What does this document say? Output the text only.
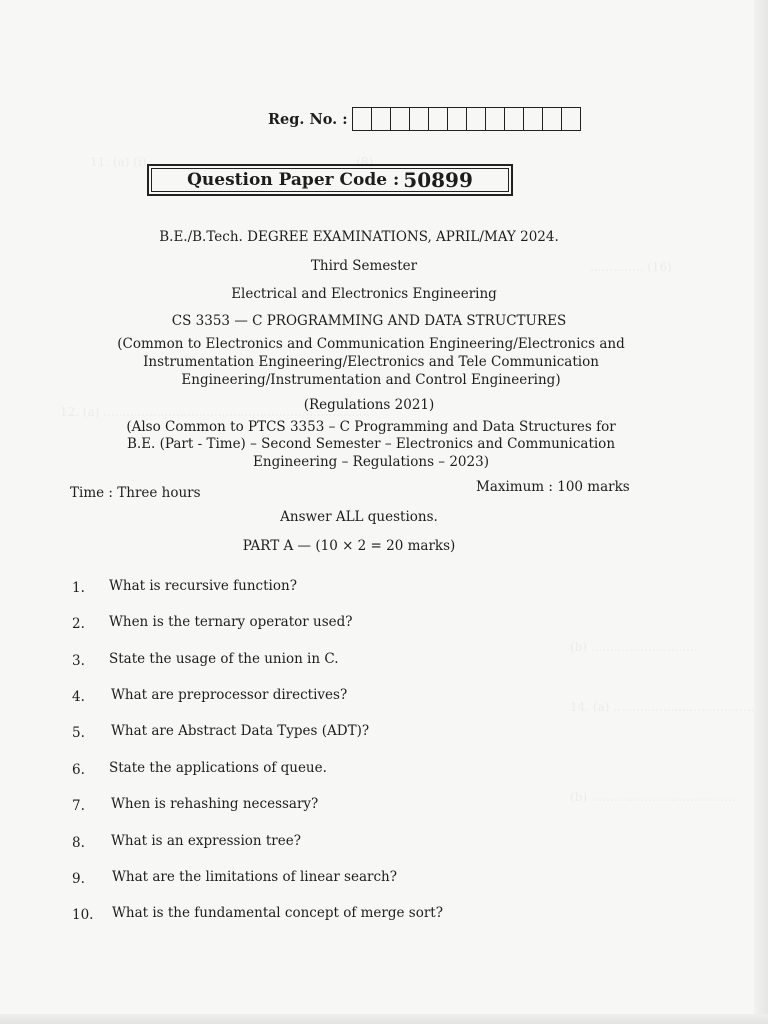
Reg. No. :
Question Paper Code : 50899
B.E./B.Tech. DEGREE EXAMINATIONS, APRIL/MAY 2024.
Third Semester
Electrical and Electronics Engineering
CS 3353 — C PROGRAMMING AND DATA STRUCTURES
(Common to Electronics and Communication Engineering/Electronics and
Instrumentation Engineering/Electronics and Tele Communication
Engineering/Instrumentation and Control Engineering)
(Regulations 2021)
(Also Common to PTCS 3353 – C Programming and Data Structures for
B.E. (Part - Time) – Second Semester – Electronics and Communication
Engineering – Regulations – 2023)
Time : Three hours	Maximum : 100 marks
Answer ALL questions.
PART A — (10 × 2 = 20 marks)
1. What is recursive function?
2. When is the ternary operator used?
3. State the usage of the union in C.
4. What are preprocessor directives?
5. What are Abstract Data Types (ADT)?
6. State the applications of queue.
7. When is rehashing necessary?
8. What is an expression tree?
9. What are the limitations of linear search?
10. What is the fundamental concept of merge sort?
